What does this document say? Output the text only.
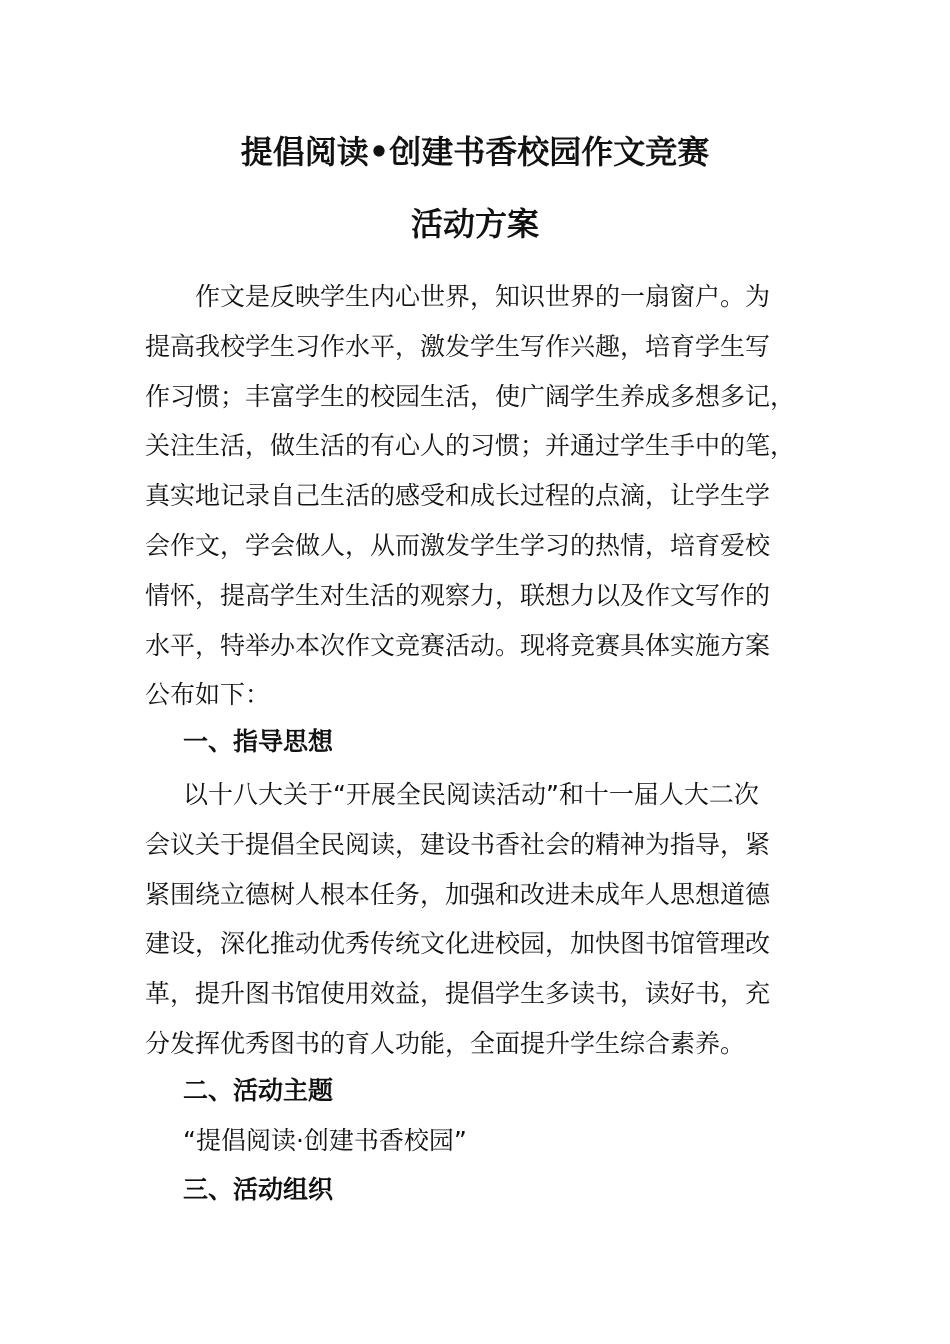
提倡阅读•创建书香校园作文竞赛
活动方案
作文是反映学生内心世界，知识世界的一扇窗户。为
提高我校学生习作水平，激发学生写作兴趣，培育学生写
作习惯；丰富学生的校园生活，使广阔学生养成多想多记，
关注生活，做生活的有心人的习惯；并通过学生手中的笔，
真实地记录自己生活的感受和成长过程的点滴，让学生学
会作文，学会做人，从而激发学生学习的热情，培育爱校
情怀，提高学生对生活的观察力，联想力以及作文写作的
水平，特举办本次作文竞赛活动。现将竞赛具体实施方案
公布如下：
一、指导思想
以十八大关于“开展全民阅读活动”和十一届人大二次
会议关于提倡全民阅读，建设书香社会的精神为指导，紧
紧围绕立德树人根本任务，加强和改进未成年人思想道德
建设，深化推动优秀传统文化进校园，加快图书馆管理改
革，提升图书馆使用效益，提倡学生多读书，读好书，充
分发挥优秀图书的育人功能，全面提升学生综合素养。
二、活动主题
“提倡阅读·创建书香校园”
三、活动组织
